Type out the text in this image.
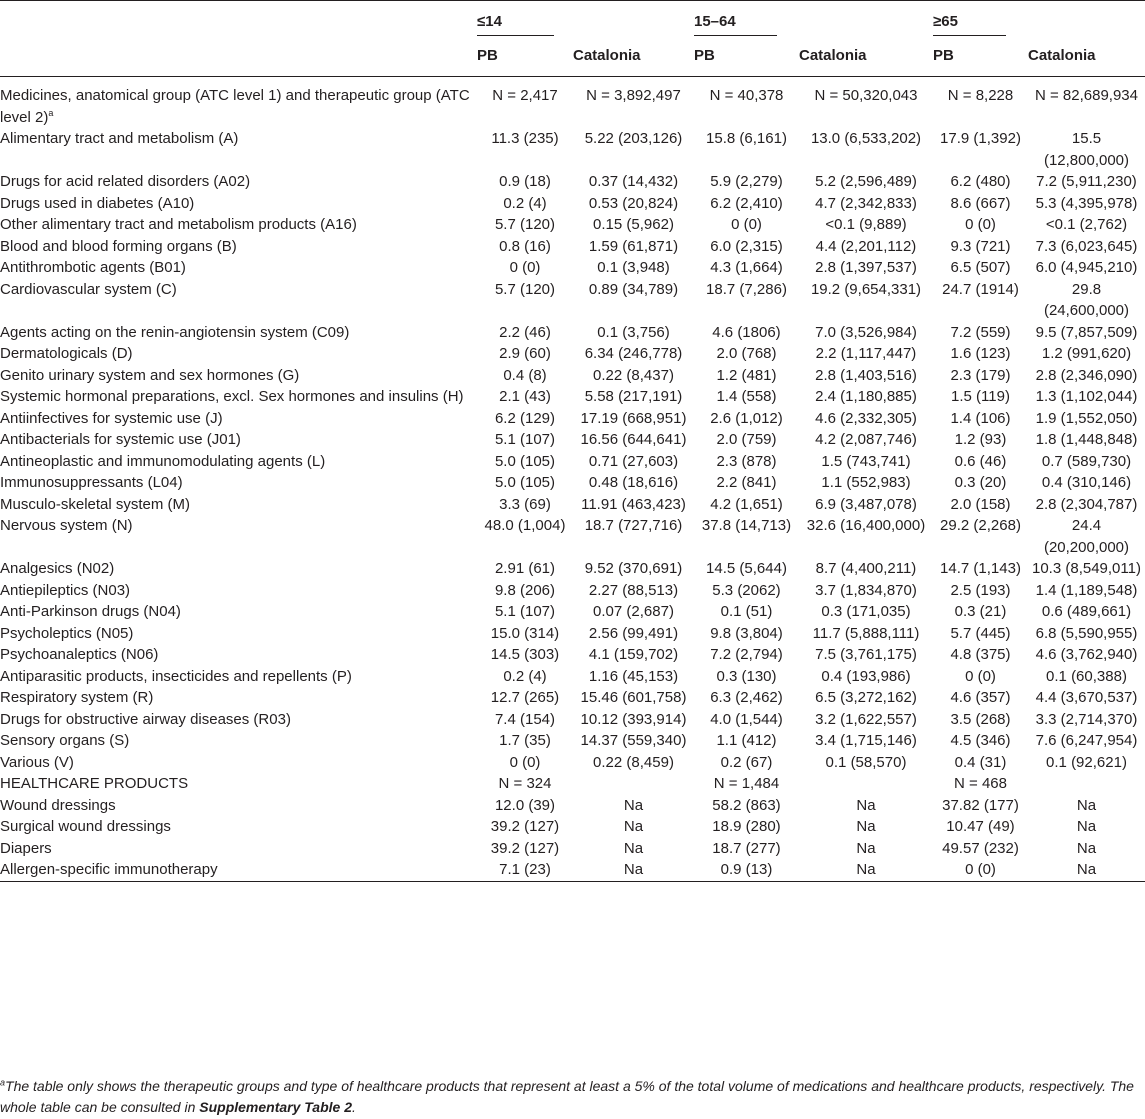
	≤14		15–64		≥65	
	PB	Catalonia	PB	Catalonia	PB	Catalonia
Medicines, anatomical group (ATC level 1) and therapeutic group (ATC level 2)$^a$	N = 2,417	N = 3,892,497	N = 40,378	N = 50,320,043	N = 8,228	N = 82,689,934
Alimentary tract and metabolism (A)	11.3 (235)	5.22 (203,126)	15.8 (6,161)	13.0 (6,533,202)	17.9 (1,392)	15.5 (12,800,000)
Drugs for acid related disorders (A02)	0.9 (18)	0.37 (14,432)	5.9 (2,279)	5.2 (2,596,489)	6.2 (480)	7.2 (5,911,230)
Drugs used in diabetes (A10)	0.2 (4)	0.53 (20,824)	6.2 (2,410)	4.7 (2,342,833)	8.6 (667)	5.3 (4,395,978)
Other alimentary tract and metabolism products (A16)	5.7 (120)	0.15 (5,962)	0 (0)	<0.1 (9,889)	0 (0)	<0.1 (2,762)
Blood and blood forming organs (B)	0.8 (16)	1.59 (61,871)	6.0 (2,315)	4.4 (2,201,112)	9.3 (721)	7.3 (6,023,645)
Antithrombotic agents (B01)	0 (0)	0.1 (3,948)	4.3 (1,664)	2.8 (1,397,537)	6.5 (507)	6.0 (4,945,210)
Cardiovascular system (C)	5.7 (120)	0.89 (34,789)	18.7 (7,286)	19.2 (9,654,331)	24.7 (1914)	29.8 (24,600,000)
Agents acting on the renin-angiotensin system (C09)	2.2 (46)	0.1 (3,756)	4.6 (1806)	7.0 (3,526,984)	7.2 (559)	9.5 (7,857,509)
Dermatologicals (D)	2.9 (60)	6.34 (246,778)	2.0 (768)	2.2 (1,117,447)	1.6 (123)	1.2 (991,620)
Genito urinary system and sex hormones (G)	0.4 (8)	0.22 (8,437)	1.2 (481)	2.8 (1,403,516)	2.3 (179)	2.8 (2,346,090)
Systemic hormonal preparations, excl. Sex hormones and insulins (H)	2.1 (43)	5.58 (217,191)	1.4 (558)	2.4 (1,180,885)	1.5 (119)	1.3 (1,102,044)
Antiinfectives for systemic use (J)	6.2 (129)	17.19 (668,951)	2.6 (1,012)	4.6 (2,332,305)	1.4 (106)	1.9 (1,552,050)
Antibacterials for systemic use (J01)	5.1 (107)	16.56 (644,641)	2.0 (759)	4.2 (2,087,746)	1.2 (93)	1.8 (1,448,848)
Antineoplastic and immunomodulating agents (L)	5.0 (105)	0.71 (27,603)	2.3 (878)	1.5 (743,741)	0.6 (46)	0.7 (589,730)
Immunosuppressants (L04)	5.0 (105)	0.48 (18,616)	2.2 (841)	1.1 (552,983)	0.3 (20)	0.4 (310,146)
Musculo-skeletal system (M)	3.3 (69)	11.91 (463,423)	4.2 (1,651)	6.9 (3,487,078)	2.0 (158)	2.8 (2,304,787)
Nervous system (N)	48.0 (1,004)	18.7 (727,716)	37.8 (14,713)	32.6 (16,400,000)	29.2 (2,268)	24.4 (20,200,000)
Analgesics (N02)	2.91 (61)	9.52 (370,691)	14.5 (5,644)	8.7 (4,400,211)	14.7 (1,143)	10.3 (8,549,011)
Antiepileptics (N03)	9.8 (206)	2.27 (88,513)	5.3 (2062)	3.7 (1,834,870)	2.5 (193)	1.4 (1,189,548)
Anti-Parkinson drugs (N04)	5.1 (107)	0.07 (2,687)	0.1 (51)	0.3 (171,035)	0.3 (21)	0.6 (489,661)
Psycholeptics (N05)	15.0 (314)	2.56 (99,491)	9.8 (3,804)	11.7 (5,888,111)	5.7 (445)	6.8 (5,590,955)
Psychoanaleptics (N06)	14.5 (303)	4.1 (159,702)	7.2 (2,794)	7.5 (3,761,175)	4.8 (375)	4.6 (3,762,940)
Antiparasitic products, insecticides and repellents (P)	0.2 (4)	1.16 (45,153)	0.3 (130)	0.4 (193,986)	0 (0)	0.1 (60,388)
Respiratory system (R)	12.7 (265)	15.46 (601,758)	6.3 (2,462)	6.5 (3,272,162)	4.6 (357)	4.4 (3,670,537)
Drugs for obstructive airway diseases (R03)	7.4 (154)	10.12 (393,914)	4.0 (1,544)	3.2 (1,622,557)	3.5 (268)	3.3 (2,714,370)
Sensory organs (S)	1.7 (35)	14.37 (559,340)	1.1 (412)	3.4 (1,715,146)	4.5 (346)	7.6 (6,247,954)
Various (V)	0 (0)	0.22 (8,459)	0.2 (67)	0.1 (58,570)	0.4 (31)	0.1 (92,621)
HEALTHCARE PRODUCTS	N = 324		N = 1,484		N = 468	
Wound dressings	12.0 (39)	Na	58.2 (863)	Na	37.82 (177)	Na
Surgical wound dressings	39.2 (127)	Na	18.9 (280)	Na	10.47 (49)	Na
Diapers	39.2 (127)	Na	18.7 (277)	Na	49.57 (232)	Na
Allergen-specific immunotherapy	7.1 (23)	Na	0.9 (13)	Na	0 (0)	Na
$^a$The table only shows the therapeutic groups and type of healthcare products that represent at least a 5% of the total volume of medications and healthcare products, respectively. The whole table can be consulted in Supplementary Table 2.
